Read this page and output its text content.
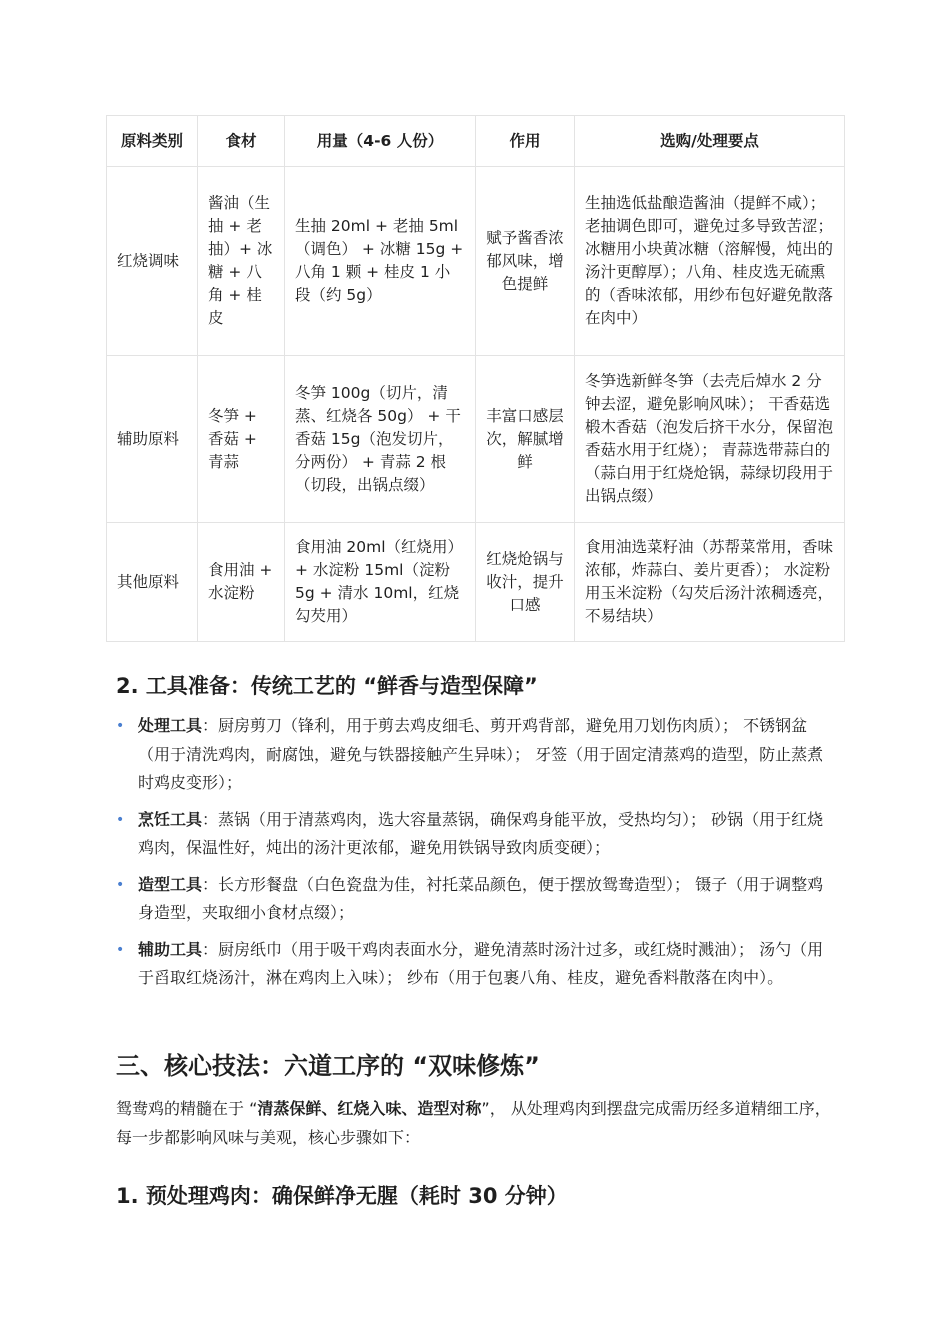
原料类别	食材	用量（4-6 人份）	作用	选购/处理要点
红烧调味	酱油（生抽 + 老抽）+ 冰糖 + 八角 + 桂皮	生抽 20ml + 老抽 5ml（调色） + 冰糖 15g + 八角 1 颗 + 桂皮 1 小段（约 5g）	赋予酱香浓郁风味，增色提鲜	生抽选低盐酿造酱油（提鲜不咸）； 老抽调色即可，避免过多导致苦涩；冰糖用小块黄冰糖（溶解慢，炖出的汤汁更醇厚）；八角、桂皮选无硫熏的（香味浓郁，用纱布包好避免散落在肉中）
辅助原料	冬笋 + 香菇 + 青蒜	冬笋 100g（切片，清蒸、红烧各 50g） + 干香菇 15g（泡发切片，分两份） + 青蒜 2 根（切段，出锅点缀）	丰富口感层次，解腻增鲜	冬笋选新鲜冬笋（去壳后焯水 2 分钟去涩，避免影响风味）； 干香菇选椴木香菇（泡发后挤干水分，保留泡香菇水用于红烧）； 青蒜选带蒜白的（蒜白用于红烧炝锅，蒜绿切段用于出锅点缀）
其他原料	食用油 + 水淀粉	食用油 20ml（红烧用） + 水淀粉 15ml（淀粉 5g + 清水 10ml，红烧勾芡用）	红烧炝锅与收汁，提升口感	食用油选菜籽油（苏帮菜常用，香味浓郁，炸蒜白、姜片更香）； 水淀粉用玉米淀粉（勾芡后汤汁浓稠透亮，不易结块）
2. 工具准备：传统工艺的 “鲜香与造型保障”
• 处理工具：厨房剪刀（锋利，用于剪去鸡皮细毛、剪开鸡背部，避免用刀划伤肉质）； 不锈钢盆（用于清洗鸡肉，耐腐蚀，避免与铁器接触产生异味）； 牙签（用于固定清蒸鸡的造型，防止蒸煮时鸡皮变形）；
• 烹饪工具：蒸锅（用于清蒸鸡肉，选大容量蒸锅，确保鸡身能平放，受热均匀）； 砂锅（用于红烧鸡肉，保温性好，炖出的汤汁更浓郁，避免用铁锅导致肉质变硬）；
• 造型工具：长方形餐盘（白色瓷盘为佳，衬托菜品颜色，便于摆放鸳鸯造型）； 镊子（用于调整鸡身造型，夹取细小食材点缀）；
• 辅助工具：厨房纸巾（用于吸干鸡肉表面水分，避免清蒸时汤汁过多，或红烧时溅油）； 汤勺（用于舀取红烧汤汁，淋在鸡肉上入味）； 纱布（用于包裹八角、桂皮，避免香料散落在肉中）。
三、核心技法：六道工序的 “双味修炼”

鸳鸯鸡的精髓在于 “清蒸保鲜、红烧入味、造型对称”， 从处理鸡肉到摆盘完成需历经多道精细工序，每一步都影响风味与美观，核心步骤如下：

1. 预处理鸡肉：确保鲜净无腥（耗时 30 分钟）
